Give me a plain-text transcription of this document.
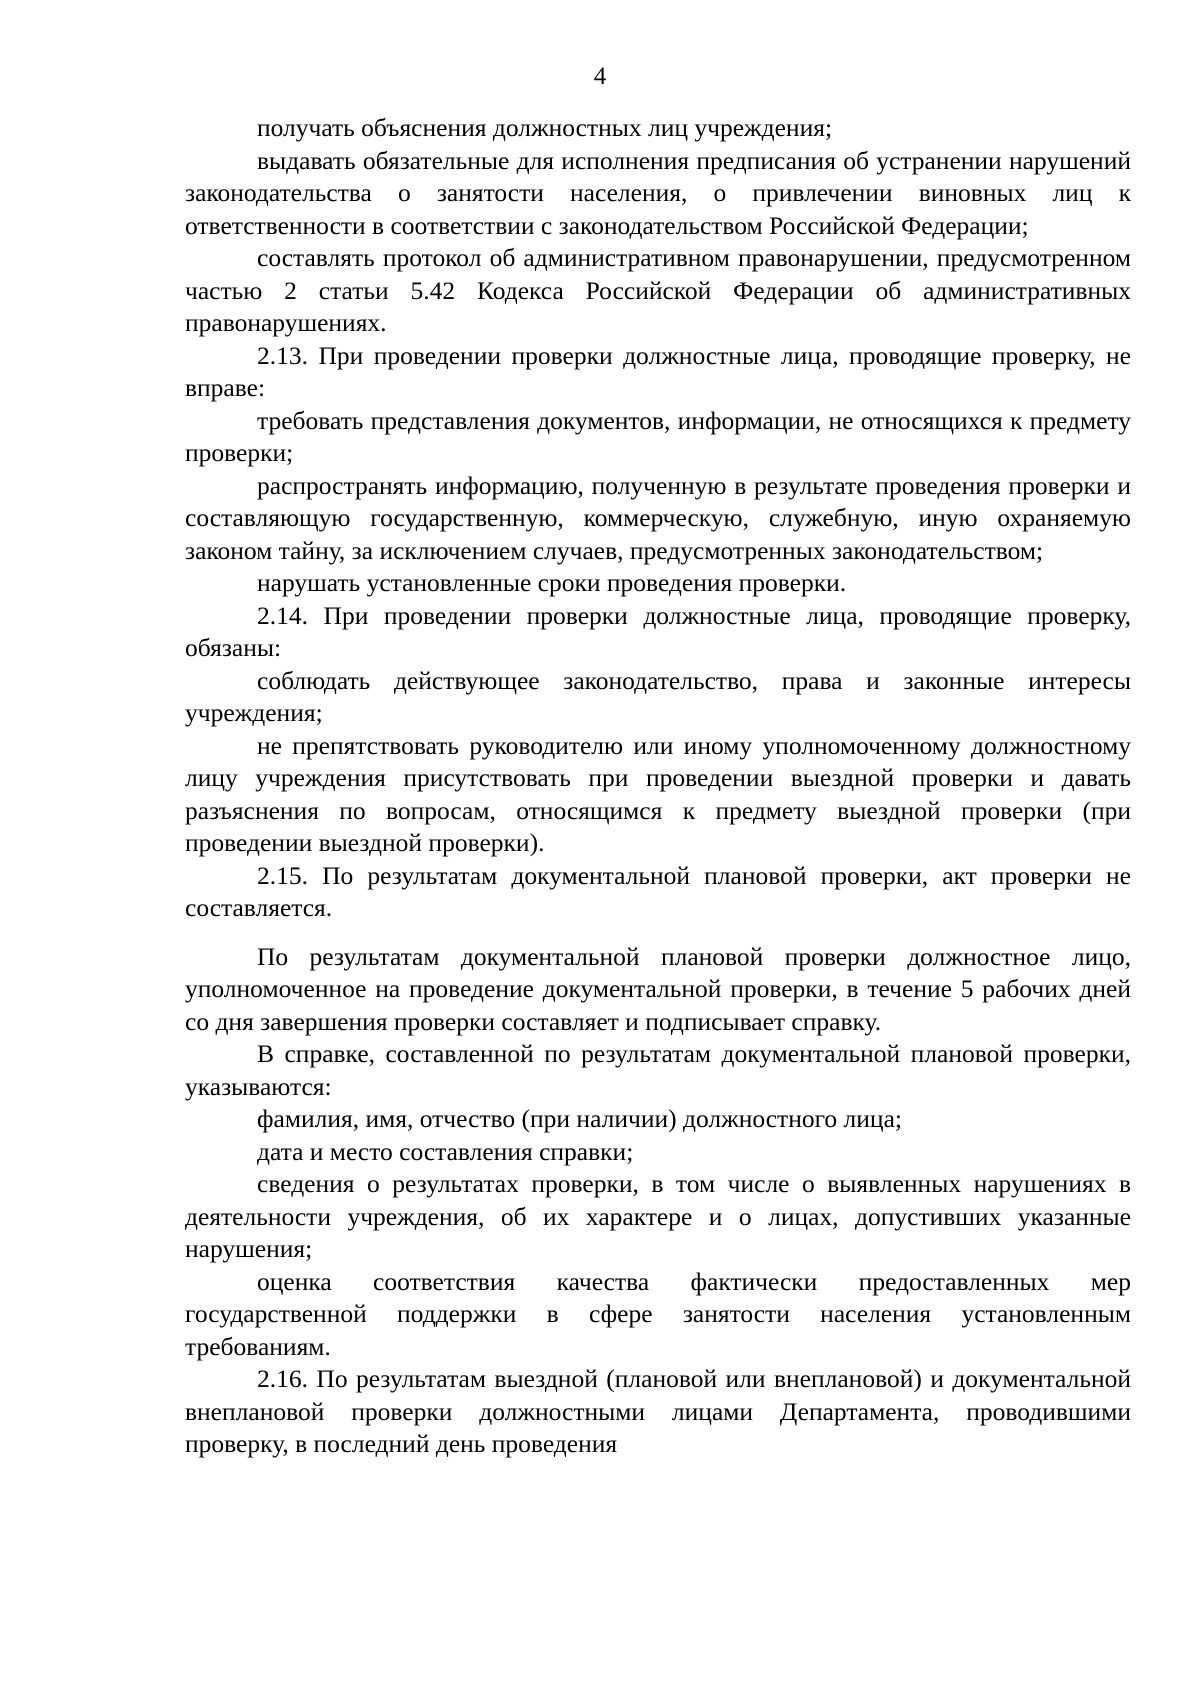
4

получать объяснения должностных лиц учреждения;

выдавать обязательные для исполнения предписания об устранении нарушений законодательства о занятости населения, о привлечении виновных лиц к ответственности в соответствии с законодательством Российской Федерации;

составлять протокол об административном правонарушении, предусмотренном частью 2 статьи 5.42 Кодекса Российской Федерации об административных правонарушениях.

2.13. При проведении проверки должностные лица, проводящие проверку, не вправе:

требовать представления документов, информации, не относящихся к предмету проверки;

распространять информацию, полученную в результате проведения проверки и составляющую государственную, коммерческую, служебную, иную охраняемую законом тайну, за исключением случаев, предусмотренных законодательством;

нарушать установленные сроки проведения проверки.

2.14. При проведении проверки должностные лица, проводящие проверку, обязаны:

соблюдать действующее законодательство, права и законные интересы учреждения;

не препятствовать руководителю или иному уполномоченному должностному лицу учреждения присутствовать при проведении выездной проверки и давать разъяснения по вопросам, относящимся к предмету выездной проверки (при проведении выездной проверки).

2.15. По результатам документальной плановой проверки, акт проверки не составляется.

По результатам документальной плановой проверки должностное лицо, уполномоченное на проведение документальной проверки, в течение 5 рабочих дней со дня завершения проверки составляет и подписывает справку.

В справке, составленной по результатам документальной плановой проверки, указываются:

фамилия, имя, отчество (при наличии) должностного лица;

дата и место составления справки;

сведения о результатах проверки, в том числе о выявленных нарушениях в деятельности учреждения, об их характере и о лицах, допустивших указанные нарушения;

оценка соответствия качества фактически предоставленных мер государственной поддержки в сфере занятости населения установленным требованиям.

2.16. По результатам выездной (плановой или внеплановой) и документальной внеплановой проверки должностными лицами Департамента, проводившими проверку, в последний день проведения
